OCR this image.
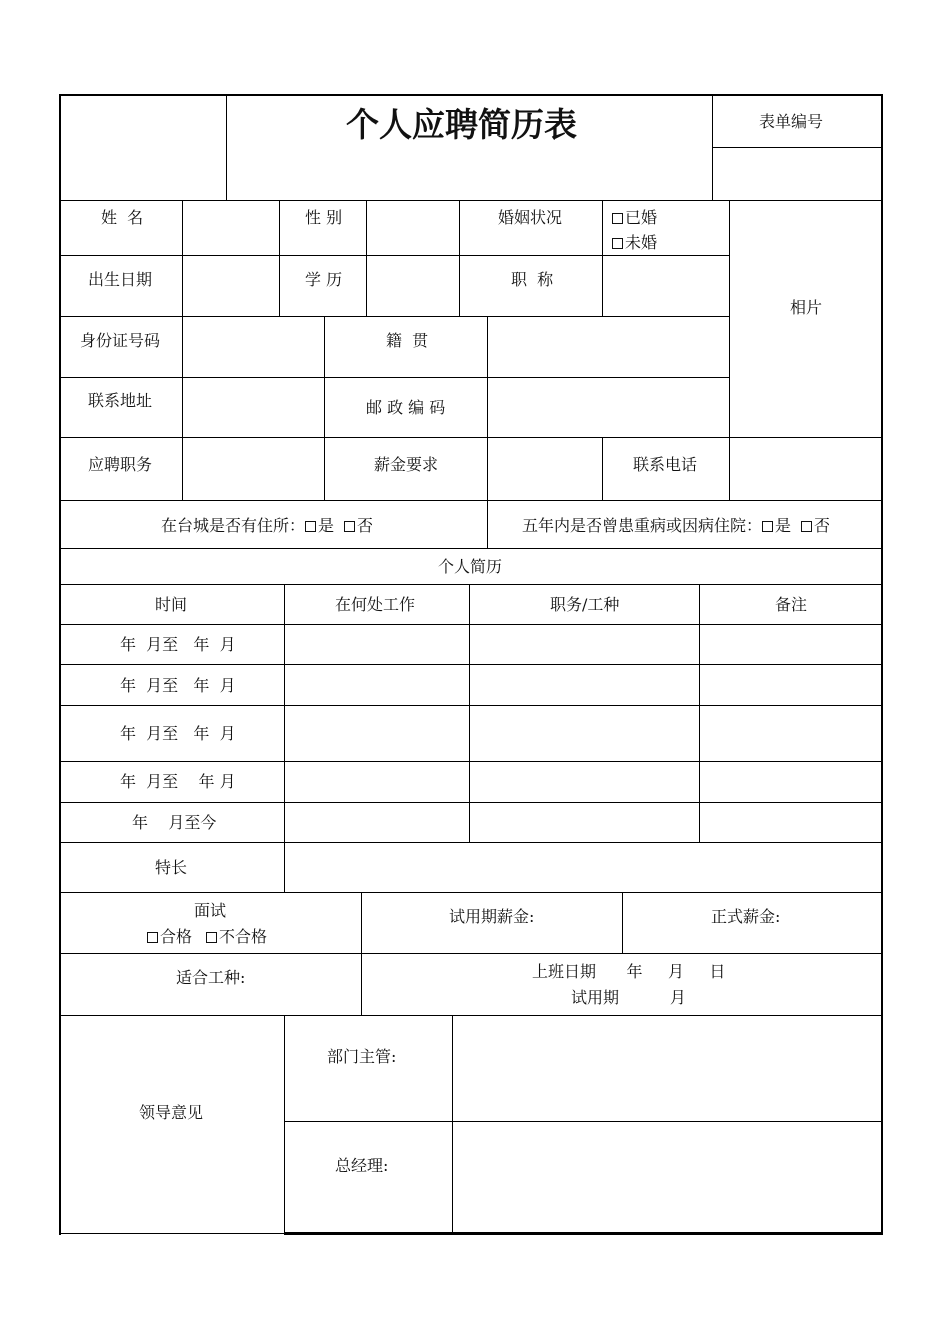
个人应聘简历表	表单编号
姓  名	性 别	婚姻状况	已婚
未婚
出生日期	学 历	职  称
相片
身份证号码	籍  贯
联系地址	邮 政 编 码
应聘职务	薪金要求	联系电话
在台城是否有住所： 是 否	五年内是否曾患重病或因病住院： 是 否
个人简历
时间	在何处工作	职务/工种	备注
年  月至   年  月
年  月至   年  月
年  月至   年  月
年  月至    年 月
年    月至今
特长
面试
合格 不合格
试用期薪金:	正式薪金:
适合工种:	上班日期      年     月     日
试用期          月
领导意见
部门主管:
总经理:
